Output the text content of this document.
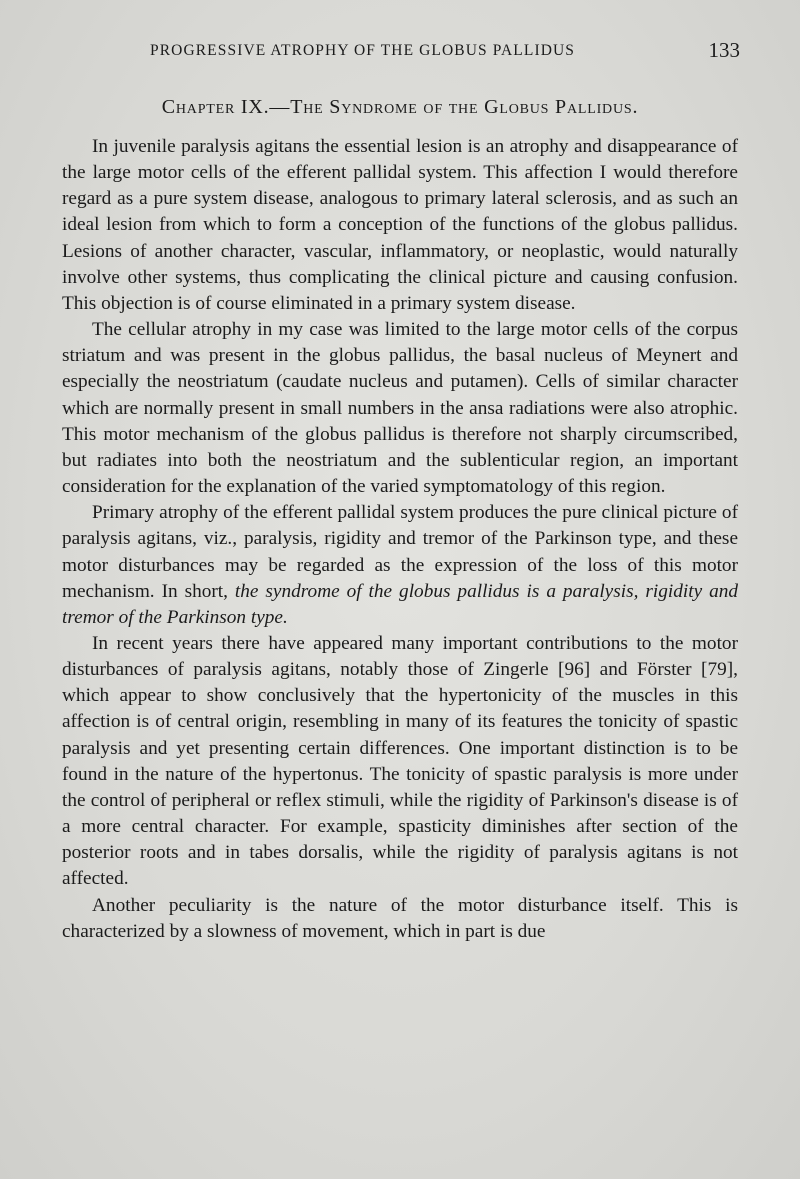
PROGRESSIVE ATROPHY OF THE GLOBUS PALLIDUS	133
Chapter IX.—The Syndrome of the Globus Pallidus.

In juvenile paralysis agitans the essential lesion is an atrophy and disappearance of the large motor cells of the efferent pallidal system. This affection I would therefore regard as a pure system disease, analogous to primary lateral sclerosis, and as such an ideal lesion from which to form a conception of the functions of the globus pallidus. Lesions of another character, vascular, inflammatory, or neoplastic, would naturally involve other systems, thus complicating the clinical picture and causing confusion. This objection is of course eliminated in a primary system disease.

The cellular atrophy in my case was limited to the large motor cells of the corpus striatum and was present in the globus pallidus, the basal nucleus of Meynert and especially the neostriatum (caudate nucleus and putamen). Cells of similar character which are normally present in small numbers in the ansa radiations were also atrophic. This motor mechanism of the globus pallidus is therefore not sharply circumscribed, but radiates into both the neostriatum and the sublenticular region, an important consideration for the explanation of the varied symptomatology of this region.

Primary atrophy of the efferent pallidal system produces the pure clinical picture of paralysis agitans, viz., paralysis, rigidity and tremor of the Parkinson type, and these motor disturbances may be regarded as the expression of the loss of this motor mechanism. In short, the syndrome of the globus pallidus is a paralysis, rigidity and tremor of the Parkinson type.

In recent years there have appeared many important contributions to the motor disturbances of paralysis agitans, notably those of Zingerle [96] and Förster [79], which appear to show conclusively that the hypertonicity of the muscles in this affection is of central origin, resembling in many of its features the tonicity of spastic paralysis and yet presenting certain differences. One important distinction is to be found in the nature of the hypertonus. The tonicity of spastic paralysis is more under the control of peripheral or reflex stimuli, while the rigidity of Parkinson's disease is of a more central character. For example, spasticity diminishes after section of the posterior roots and in tabes dorsalis, while the rigidity of paralysis agitans is not affected.

Another peculiarity is the nature of the motor disturbance itself. This is characterized by a slowness of movement, which in part is due
